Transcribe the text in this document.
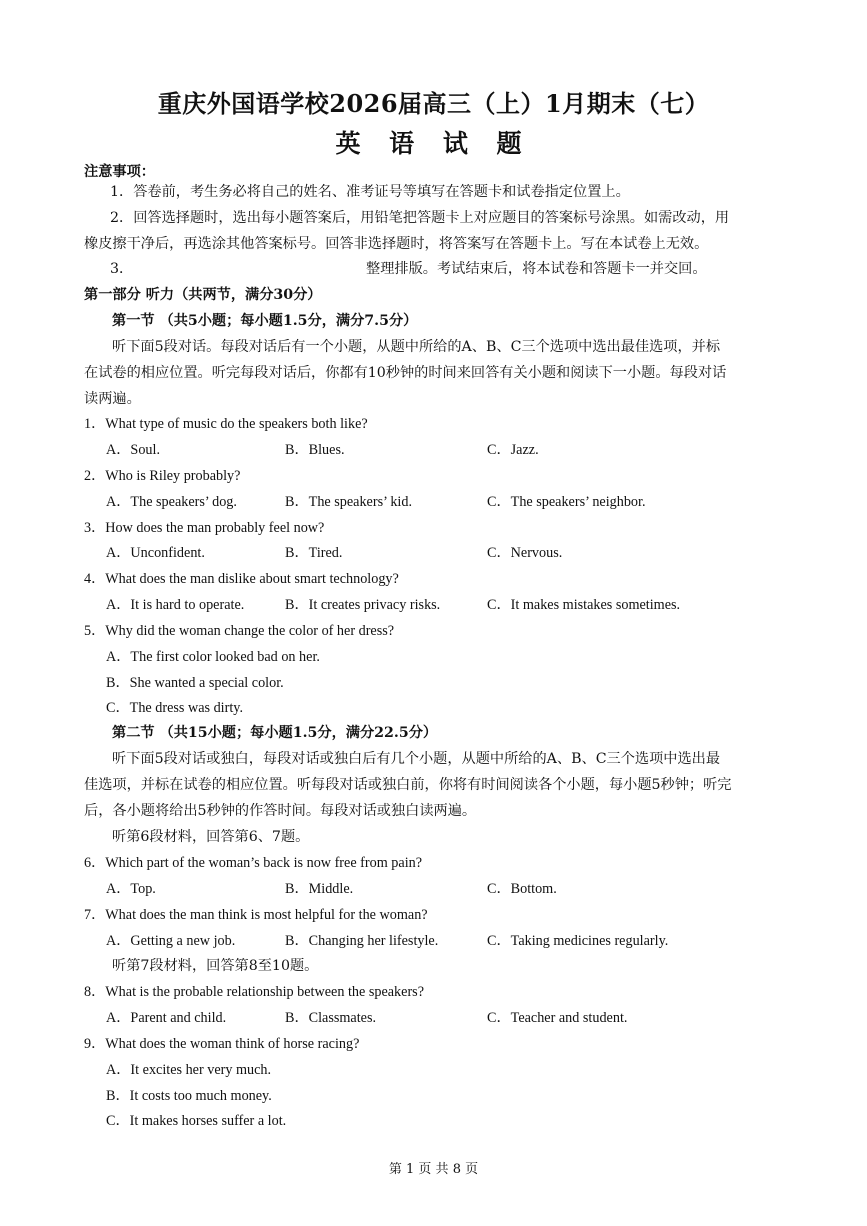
重庆外国语学校2026届高三（上）1月期末（七）
英 语 试 题
注意事项：
1．答卷前，考生务必将自己的姓名、准考证号等填写在答题卡和试卷指定位置上。
2．回答选择题时，选出每小题答案后，用铅笔把答题卡上对应题目的答案标号涂黑。如需改动，用
橡皮擦干净后，再选涂其他答案标号。回答非选择题时，将答案写在答题卡上。写在本试卷上无效。
3．	整理排版。考试结束后，将本试卷和答题卡一并交回。
第一部分 听力（共两节，满分30分）
第一节 （共5小题；每小题1.5分，满分7.5分）
听下面5段对话。每段对话后有一个小题，从题中所给的A、B、C三个选项中选出最佳选项，并标
在试卷的相应位置。听完每段对话后，你都有10秒钟的时间来回答有关小题和阅读下一小题。每段对话
读两遍。
1．What type of music do the speakers both like?
A．Soul.	B．Blues.	C．Jazz.
2．Who is Riley probably?
A．The speakers’ dog.	B．The speakers’ kid.	C．The speakers’ neighbor.
3．How does the man probably feel now?
A．Unconfident.	B．Tired.	C．Nervous.
4．What does the man dislike about smart technology?
A．It is hard to operate.	B．It creates privacy risks.	C．It makes mistakes sometimes.
5．Why did the woman change the color of her dress?
A．The first color looked bad on her.
B．She wanted a special color.
C．The dress was dirty.
第二节 （共15小题；每小题1.5分，满分22.5分）
听下面5段对话或独白，每段对话或独白后有几个小题，从题中所给的A、B、C三个选项中选出最
佳选项，并标在试卷的相应位置。听每段对话或独白前，你将有时间阅读各个小题，每小题5秒钟；听完
后，各小题将给出5秒钟的作答时间。每段对话或独白读两遍。
听第6段材料，回答第6、7题。
6．Which part of the woman’s back is now free from pain?
A．Top.	B．Middle.	C．Bottom.
7．What does the man think is most helpful for the woman?
A．Getting a new job.	B．Changing her lifestyle.	C．Taking medicines regularly.
听第7段材料，回答第8至10题。
8．What is the probable relationship between the speakers?
A．Parent and child.	B．Classmates.	C．Teacher and student.
9．What does the woman think of horse racing?
A．It excites her very much.
B．It costs too much money.
C．It makes horses suffer a lot.
第 1 页 共 8 页
